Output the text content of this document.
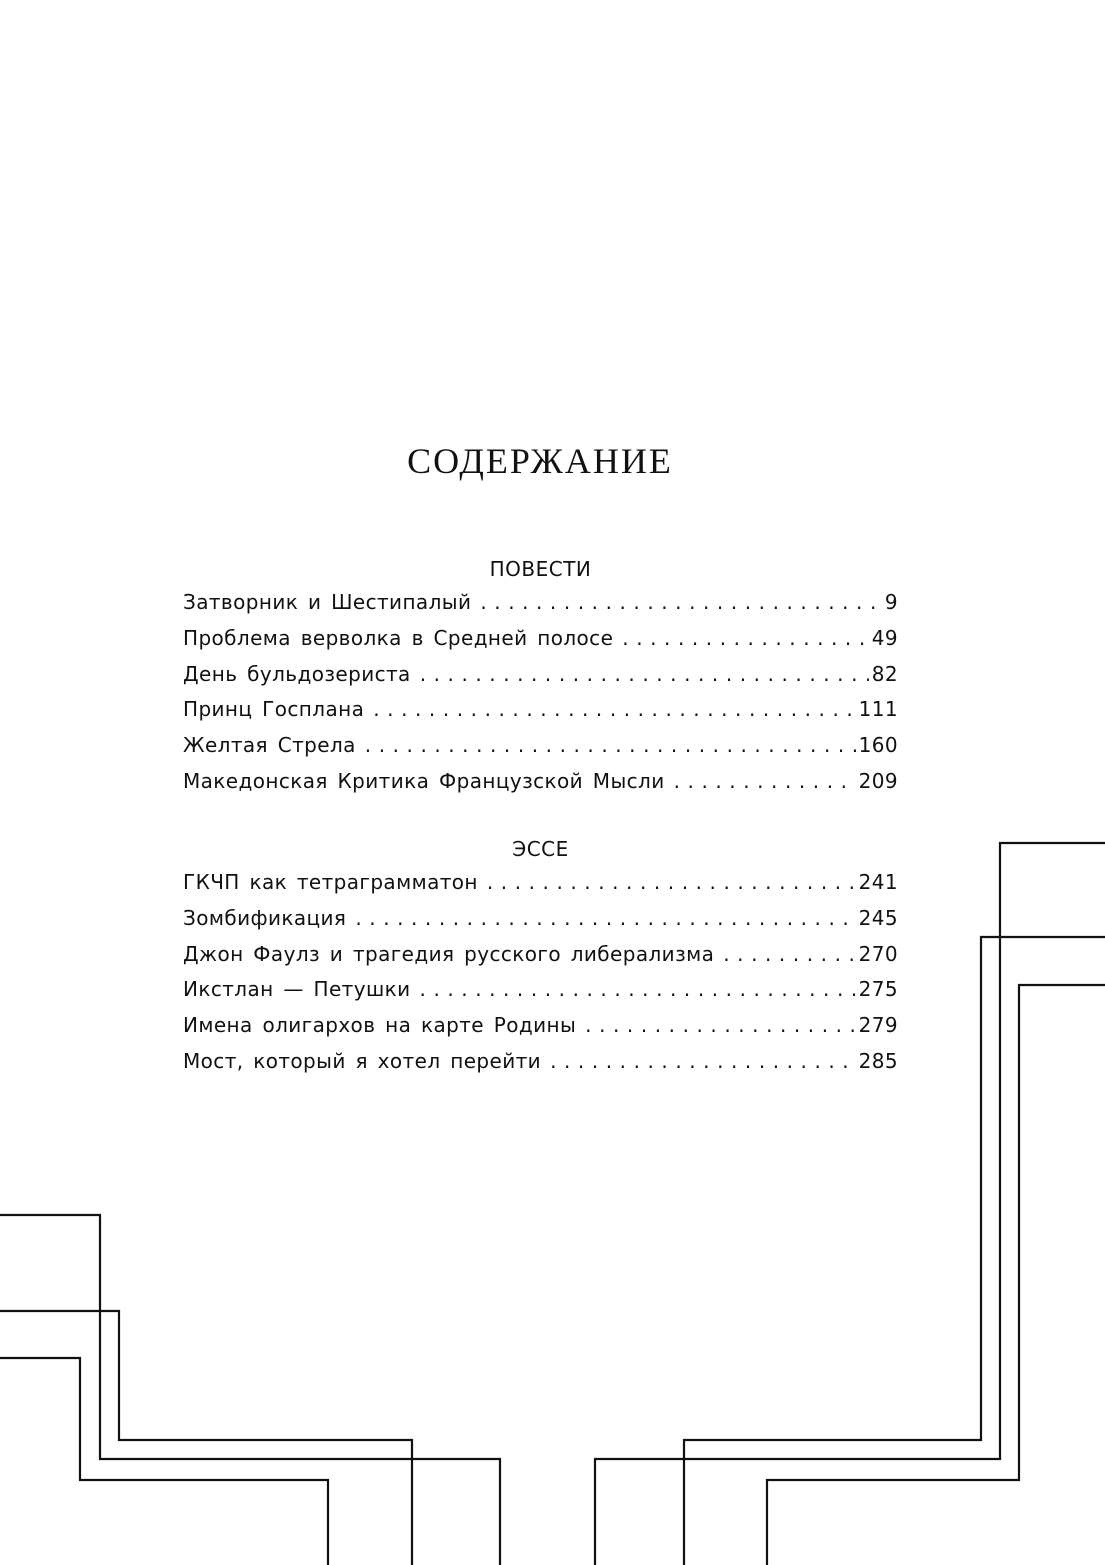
СОДЕРЖАНИЕ
ПОВЕСТИ
Затворник и Шестипалый . . .	9
Проблема верволка в Средней полосе . . .	49
День бульдозериста . . .	82
Принц Госплана . . .	111
Желтая Стрела . . .	160
Македонская Критика Французской Мысли . . .	209
ЭССЕ
ГКЧП как тетраграмматон . . .	241
Зомбификация . . .	245
Джон Фаулз и трагедия русского либерализма . . .	270
Икстлан — Петушки . . .	275
Имена олигархов на карте Родины . . .	279
Мост, который я хотел перейти . . .	285
